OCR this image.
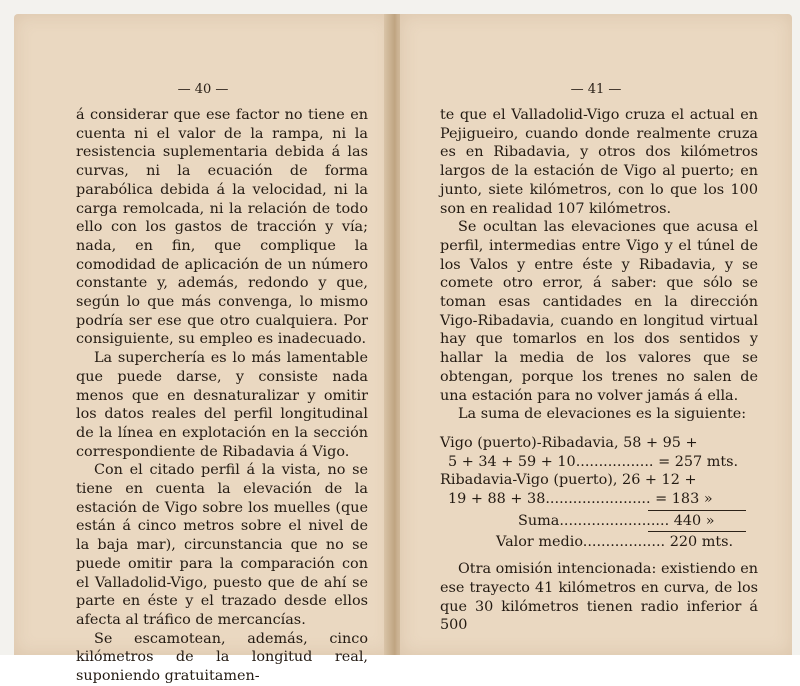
— 40 —

á considerar que ese factor no tiene en cuenta ni el valor de la rampa, ni la resistencia suplementaria debida á las curvas, ni la ecuación de forma parabólica debida á la velocidad, ni la carga remolcada, ni la relación de todo ello con los gastos de tracción y vía; nada, en fin, que complique la comodidad de aplicación de un número constante y, además, redondo y que, según lo que más convenga, lo mismo podría ser ese que otro cualquiera. Por consiguiente, su empleo es inadecuado.

La superchería es lo más lamentable que puede darse, y consiste nada menos que en desnaturalizar y omitir los datos reales del perfil longitudinal de la línea en explotación en la sección correspondiente de Ribadavia á Vigo.

Con el citado perfil á la vista, no se tiene en cuenta la elevación de la estación de Vigo sobre los muelles (que están á cinco metros sobre el nivel de la baja mar), circunstancia que no se puede omitir para la comparación con el Valladolid-Vigo, puesto que de ahí se parte en éste y el trazado desde ellos afecta al tráfico de mercancías.

Se escamotean, además, cinco kilómetros de la longitud real, suponiendo gratuitamen-

— 41 —

te que el Valladolid-Vigo cruza el actual en Pejigueiro, cuando donde realmente cruza es en Ribadavia, y otros dos kilómetros largos de la estación de Vigo al puerto; en junto, siete kilómetros, con lo que los 100 son en realidad 107 kilómetros.

Se ocultan las elevaciones que acusa el perfil, intermedias entre Vigo y el túnel de los Valos y entre éste y Ribadavia, y se comete otro error, á saber: que sólo se toman esas cantidades en la dirección Vigo-Ribadavia, cuando en longitud virtual hay que tomarlos en los dos sentidos y hallar la media de los valores que se obtengan, porque los trenes no salen de una estación para no volver jamás á ella.

La suma de elevaciones es la siguiente:

Vigo (puerto)-Ribadavia, 58 + 95 +
5 + 34 + 59 + 10................. = 257 mts.
Ribadavia-Vigo (puerto), 26 + 12 +
19 + 88 + 38....................... = 183 »
Suma........................ 440 »
Valor medio.................. 220 mts.

Otra omisión intencionada: existiendo en ese trayecto 41 kilómetros en curva, de los que 30 kilómetros tienen radio inferior á 500
